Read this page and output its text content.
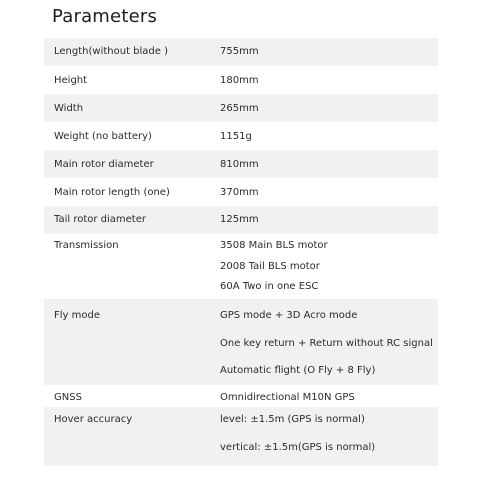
Parameters
Length(without blade )	755mm
Height	180mm
Width	265mm
Weight (no battery)	1151g
Main rotor diameter	810mm
Main rotor length (one)	370mm
Tail rotor diameter	125mm
Transmission	3508 Main BLS motor
2008 Tail BLS motor
60A Two in one ESC
Fly mode	GPS mode + 3D Acro mode
One key return + Return without RC signal
Automatic flight (O Fly + 8 Fly)
GNSS	Omnidirectional M10N GPS
Hover accuracy	level: ±1.5m (GPS is normal)
vertical: ±1.5m(GPS is normal)
